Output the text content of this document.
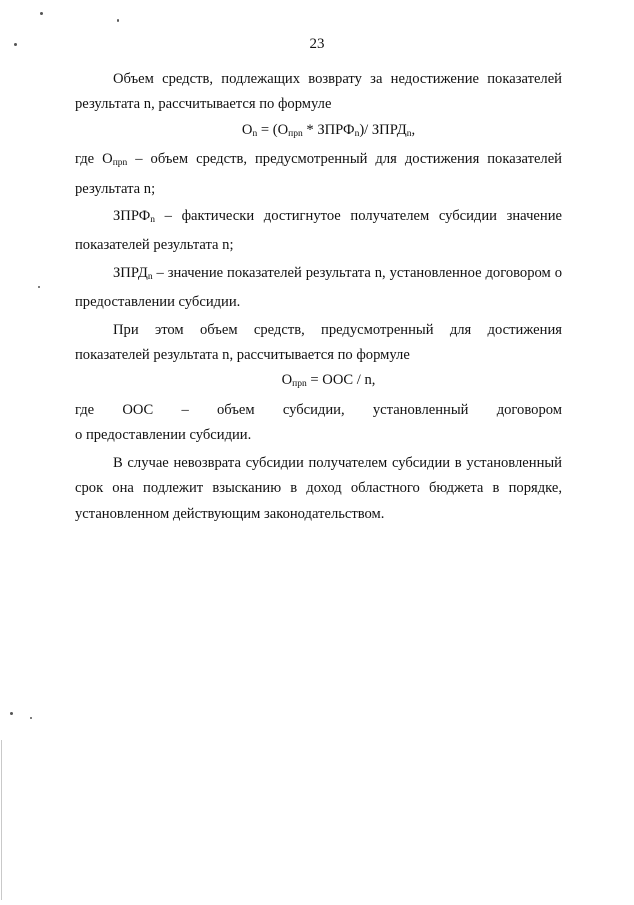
23

Объем средств, подлежащих возврату за недостижение показателей результата n, рассчитывается по формуле

$O_n = (O_{прn}$ * $ЗПРФ_n)/$ $ЗПРД_n$,

где $O_{прn}$ – объем средств, предусмотренный для достижения показателей результата n;

$ЗПРФ_n$ – фактически достигнутое получателем субсидии значение показателей результата n;

$ЗПРД_n$ – значение показателей результата n, установленное договором о предоставлении субсидии.

При этом объем средств, предусмотренный для достижения показателей результата n, рассчитывается по формуле

$O_{прn}$ = OOC / n,

где OOC – объем субсидии, установленный договором
о предоставлении субсидии.

В случае невозврата субсидии получателем субсидии в установленный срок она подлежит взысканию в доход областного бюджета в порядке, установленном действующим законодательством.
